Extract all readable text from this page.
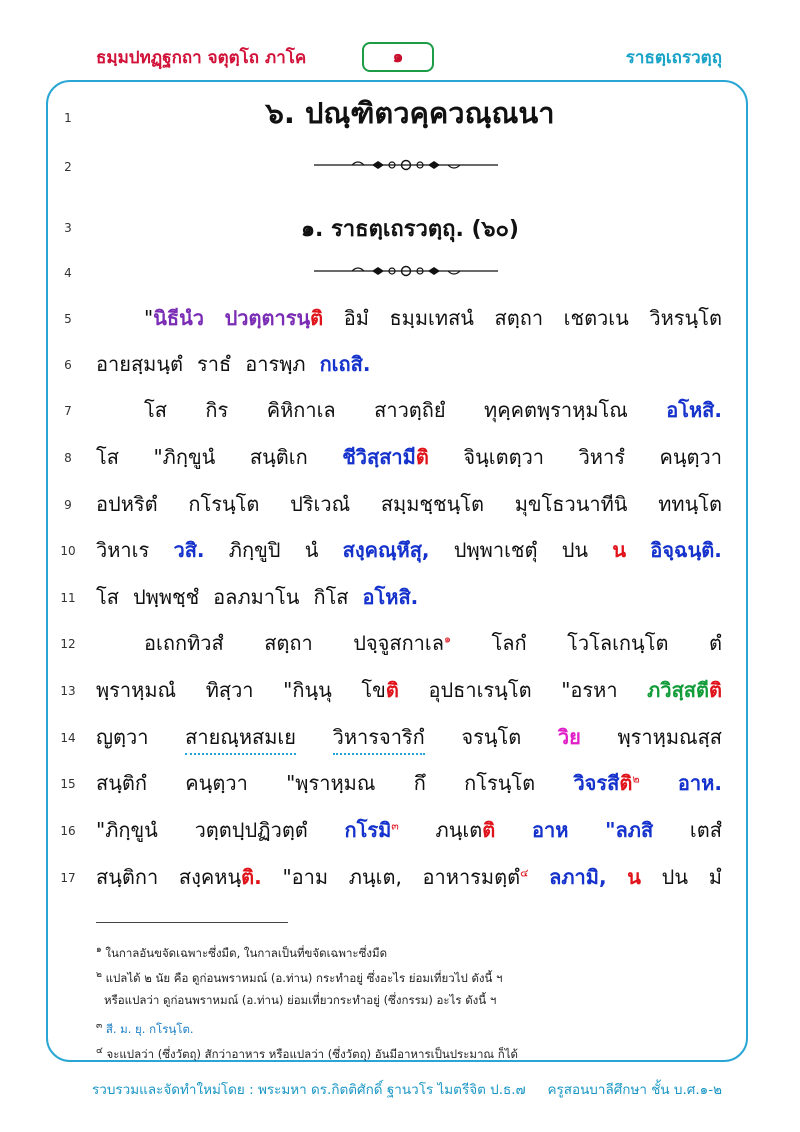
ธมฺมปทฏฺฐกถา จตุตฺโถ ภาโค	๑	ราธตฺเถรวตฺถุ
1
2
3
4
5
6
7
8
9
10
11
12
13
14
15
16
17
๖. ปณฺฑิตวคฺควณฺณนา
๑. ราธตฺเถรวตฺถุ. (๖๐)
"นิธีนํว ปวตฺตารนฺติ อิมํ ธมฺมเทสนํ สตฺถา เชตวเน วิหรนฺโต
อายสฺมนฺตํ ราธํ อารพฺภ กเถสิ.
โส กิร คิหิกาเล สาวตฺถิยํ ทุคฺคตพฺราหฺมโณ อโหสิ.
โส "ภิกฺขูนํ สนฺติเก ชีวิสฺสามีติ จินฺเตตฺวา วิหารํ คนฺตฺวา
อปหริตํ กโรนฺโต ปริเวณํ สมฺมชฺชนฺโต มุขโธวนาทีนิ ททนฺโต
วิหาเร วสิ. ภิกฺขูปิ นํ สงฺคณฺหึสุ, ปพฺพาเชตุํ ปน น อิจฺฉนฺติ.
โส ปพฺพชฺชํ อลภมาโน กิโส อโหสิ.
อเถกทิวสํ สตฺถา ปจฺจูสกาเล$^๑$ โลกํ โวโลเกนฺโต ตํ
พฺราหฺมณํ ทิสฺวา "กินฺนุ โขติ อุปธาเรนฺโต "อรหา ภวิสฺสตีติ
ญตฺวา สายณฺหสมเย วิหารจาริกํ จรนฺโต วิย พฺราหฺมณสฺส
สนฺติกํ คนฺตฺวา "พฺราหฺมณ กึ กโรนฺโต วิจรสีติ$^๒$ อาห.
"ภิกฺขูนํ วตฺตปฺปฏิวตฺตํ กโรมิ$^๓$ ภนฺเตติ อาห "ลภสิ เตสํ
สนฺติกา สงฺคหนฺติ. "อาม ภนฺเต, อาหารมตฺตํ$^๔$ ลภามิ, น ปน มํ
$^๑$ ในกาลอันขจัดเฉพาะซึ่งมืด, ในกาลเป็นที่ขจัดเฉพาะซึ่งมืด
$^๒$ แปลได้ ๒ นัย คือ ดูก่อนพราหมณ์ (อ.ท่าน) กระทำอยู่ ซึ่งอะไร ย่อมเที่ยวไป ดังนี้ ฯ
หรือแปลว่า ดูก่อนพราหมณ์ (อ.ท่าน) ย่อมเที่ยวกระทำอยู่ (ซึ่งกรรม) อะไร ดังนี้ ฯ
$^๓$ สี. ม. ยุ. กโรนฺโต.
$^๔$ จะแปลว่า (ซึ่งวัตถุ) สักว่าอาหาร หรือแปลว่า (ซึ่งวัตถุ) อันมีอาหารเป็นประมาณ ก็ได้
รวบรวมและจัดทำใหม่โดย : พระมหา ดร.กิตติศักดิ์ ฐานวโร ไมตรีจิต ป.ธ.๗ ครูสอนบาลีศึกษา ชั้น บ.ศ.๑-๒
